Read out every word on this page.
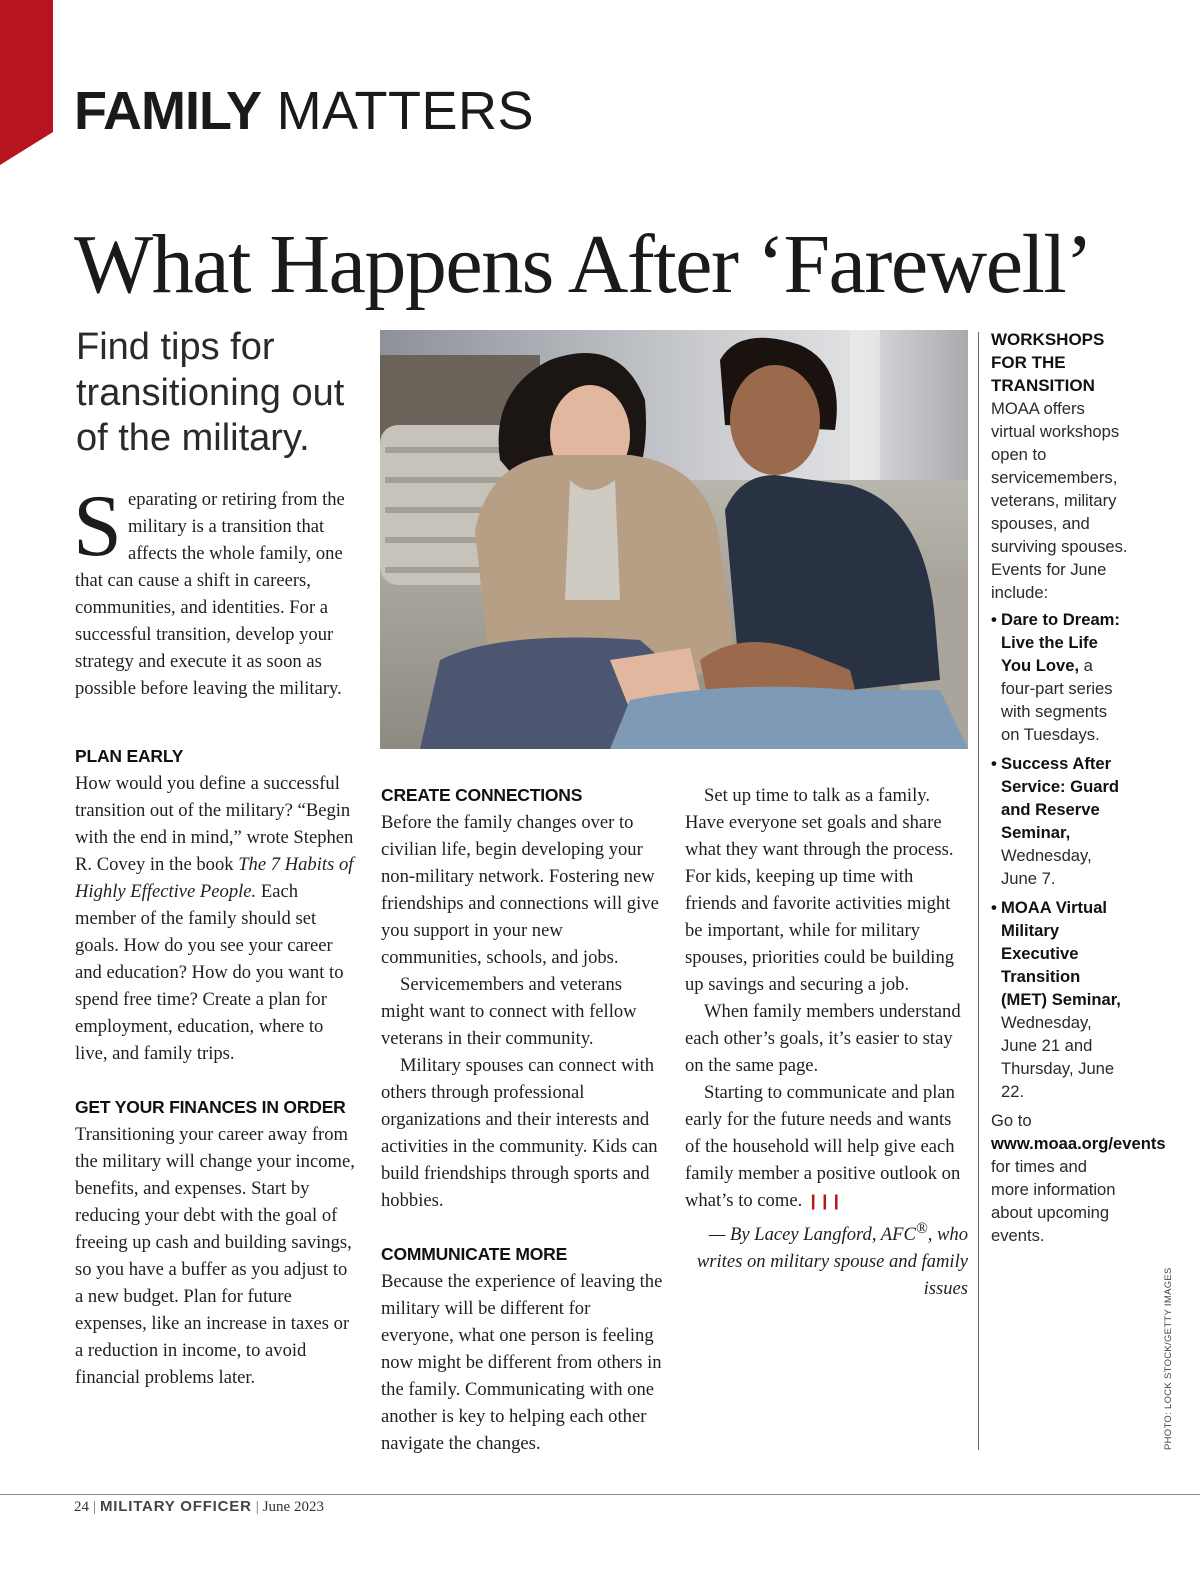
FAMILY MATTERS
What Happens After ‘Farewell’

Find tips for transitioning out of the military.

Separating or retiring from the military is a transition that affects the whole family, one that can cause a shift in careers, communities, and identities. For a successful transition, develop your strategy and execute it as soon as possible before leaving the military.

PLAN EARLY

How would you define a successful transition out of the military? “Begin with the end in mind,” wrote Stephen R. Covey in the book The 7 Habits of Highly Effective People. Each member of the family should set goals. How do you see your career and education? How do you want to spend free time? Create a plan for employment, education, where to live, and family trips.

GET YOUR FINANCES IN ORDER

Transitioning your career away from the military will change your income, benefits, and expenses. Start by reducing your debt with the goal of freeing up cash and building savings, so you have a buffer as you adjust to a new budget. Plan for future expenses, like an increase in taxes or a reduction in income, to avoid financial problems later.

CREATE CONNECTIONS

Before the family changes over to civilian life, begin developing your non-military network. Fostering new friendships and connections will give you support in your new communities, schools, and jobs.

Servicemembers and veterans might want to connect with fellow veterans in their community.

Military spouses can connect with others through professional organizations and their interests and activities in the community. Kids can build friendships through sports and hobbies.

COMMUNICATE MORE

Because the experience of leaving the military will be different for everyone, what one person is feeling now might be different from others in the family. Communicating with one another is key to helping each other navigate the changes.

Set up time to talk as a family. Have everyone set goals and share what they want through the process. For kids, keeping up time with friends and favorite activities might be important, while for military spouses, priorities could be building up savings and securing a job.

When family members understand each other’s goals, it’s easier to stay on the same page.

Starting to communicate and plan early for the future needs and wants of the household will help give each family member a positive outlook on what’s to come. ❙❙❙

— By Lacey Langford, AFC®, who writes on military spouse and family issues

WORKSHOPS FOR THE TRANSITION

MOAA offers virtual workshops open to servicemembers, veterans, military spouses, and surviving spouses. Events for June include:

• Dare to Dream: Live the Life You Love, a four-part series with segments on Tuesdays.
• Success After Service: Guard and Reserve Seminar, Wednesday, June 7.
• MOAA Virtual Military Executive Transition (MET) Seminar, Wednesday, June 21 and Thursday, June 22.

Go to www.moaa.org/events for times and more information about upcoming events.

PHOTO: LOCK STOCK/GETTY IMAGES
24 | MILITARY OFFICER | June 2023
